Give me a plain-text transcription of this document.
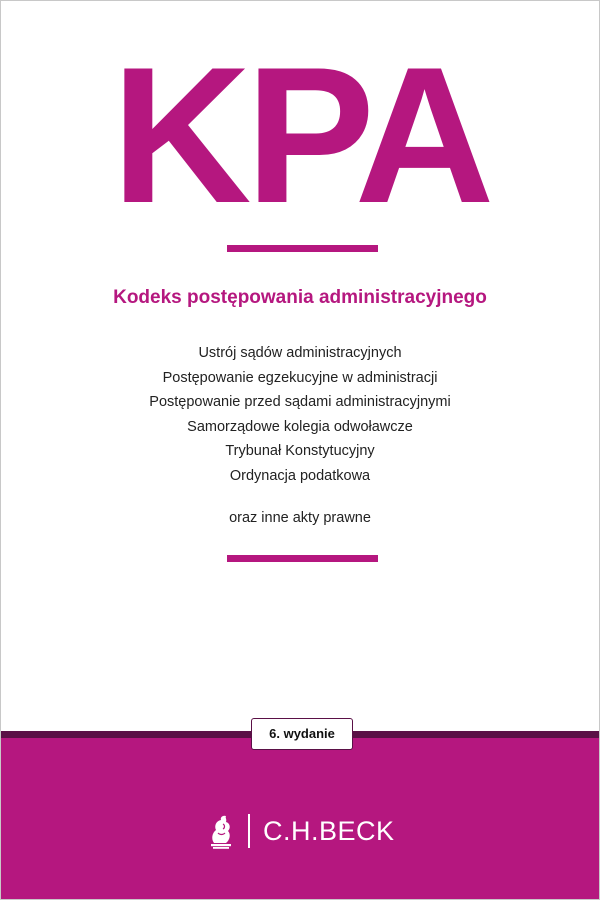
KPA
Kodeks postępowania administracyjnego
Ustrój sądów administracyjnych
Postępowanie egzekucyjne w administracji
Postępowanie przed sądami administracyjnymi
Samorządowe kolegia odwoławcze
Trybunał Konstytucyjny
Ordynacja podatkowa
oraz inne akty prawne
6. wydanie
C.H.BECK
